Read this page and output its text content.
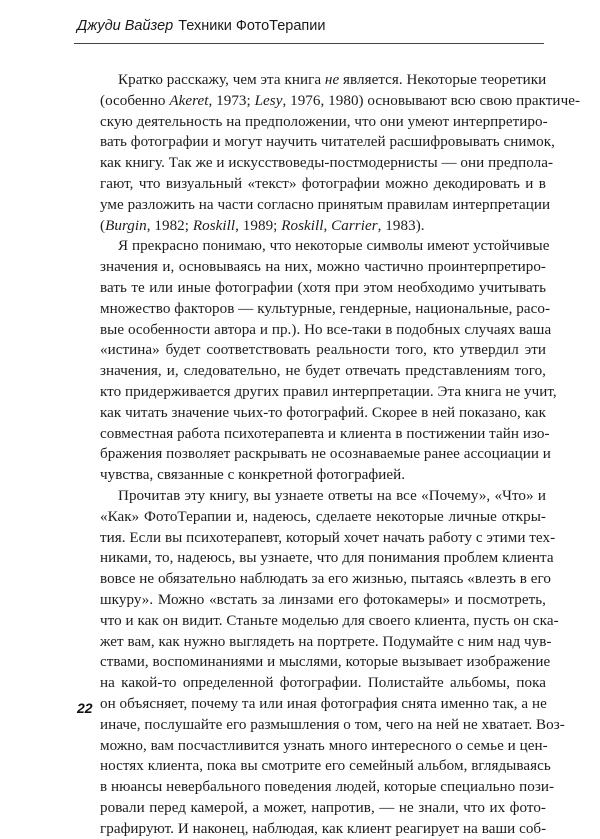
Джуди Вайзер Техники ФотоТерапии
Кратко расскажу, чем эта книга не является. Некоторые теоретики
(особенно Akeret, 1973; Lesy, 1976, 1980) основывают всю свою практиче-
скую деятельность на предположении, что они умеют интерпретиро-
вать фотографии и могут научить читателей расшифровывать снимок,
как книгу. Так же и искусствоведы-постмодернисты — они предпола-
гают, что визуальный «текст» фотографии можно декодировать и в
уме разложить на части согласно принятым правилам интерпретации
(Burgin, 1982; Roskill, 1989; Roskill, Carrier, 1983).
Я прекрасно понимаю, что некоторые символы имеют устойчивые
значения и, основываясь на них, можно частично проинтерпретиро-
вать те или иные фотографии (хотя при этом необходимо учитывать
множество факторов — культурные, гендерные, национальные, расо-
вые особенности автора и пр.). Но все-таки в подобных случаях ваша
«истина» будет соответствовать реальности того, кто утвердил эти
значения, и, следовательно, не будет отвечать представлениям того,
кто придерживается других правил интерпретации. Эта книга не учит,
как читать значение чьих-то фотографий. Скорее в ней показано, как
совместная работа психотерапевта и клиента в постижении тайн изо-
бражения позволяет раскрывать не осознаваемые ранее ассоциации и
чувства, связанные с конкретной фотографией.
Прочитав эту книгу, вы узнаете ответы на все «Почему», «Что» и
«Как» ФотоТерапии и, надеюсь, сделаете некоторые личные откры-
тия. Если вы психотерапевт, который хочет начать работу с этими тех-
никами, то, надеюсь, вы узнаете, что для понимания проблем клиента
вовсе не обязательно наблюдать за его жизнью, пытаясь «влезть в его
шкуру». Можно «встать за линзами его фотокамеры» и посмотреть,
что и как он видит. Станьте моделью для своего клиента, пусть он ска-
жет вам, как нужно выглядеть на портрете. Подумайте с ним над чув-
ствами, воспоминаниями и мыслями, которые вызывает изображение
на какой-то определенной фотографии. Полистайте альбомы, пока
он объясняет, почему та или иная фотография снята именно так, а не
иначе, послушайте его размышления о том, чего на ней не хватает. Воз-
можно, вам посчастливится узнать много интересного о семье и цен-
ностях клиента, пока вы смотрите его семейный альбом, вглядываясь
в нюансы невербального поведения людей, которые специально пози-
ровали перед камерой, а может, напротив, — не знали, что их фото-
графируют. И наконец, наблюдая, как клиент реагирует на ваши соб-
22
